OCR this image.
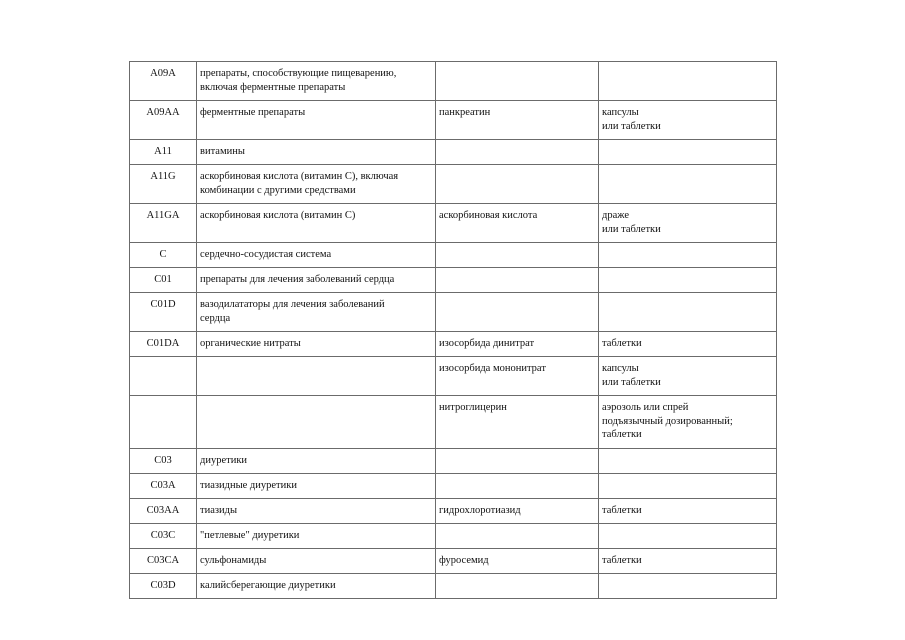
A09A	препараты, способствующие пищеварению,
включая ферментные препараты		

A09AA	ферментные препараты	панкреатин	капсулы
или таблетки

A11	витамины		

A11G	аскорбиновая кислота (витамин С), включая
комбинации с другими средствами		

A11GA	аскорбиновая кислота (витамин С)	аскорбиновая кислота	драже
или таблетки

C	сердечно-сосудистая система		

C01	препараты для лечения заболеваний сердца		

C01D	вазодилататоры для лечения заболеваний
сердца		

C01DA	органические нитраты	изосорбида динитрат	таблетки

		изосорбида мононитрат	капсулы
или таблетки

		нитроглицерин	аэрозоль или спрей
подъязычный дозированный;
таблетки

C03	диуретики		

C03A	тиазидные диуретики		

C03AA	тиазиды	гидрохлоротиазид	таблетки

C03C	"петлевые" диуретики		

C03CA	сульфонамиды	фуросемид	таблетки

C03D	калийсберегающие диуретики		
